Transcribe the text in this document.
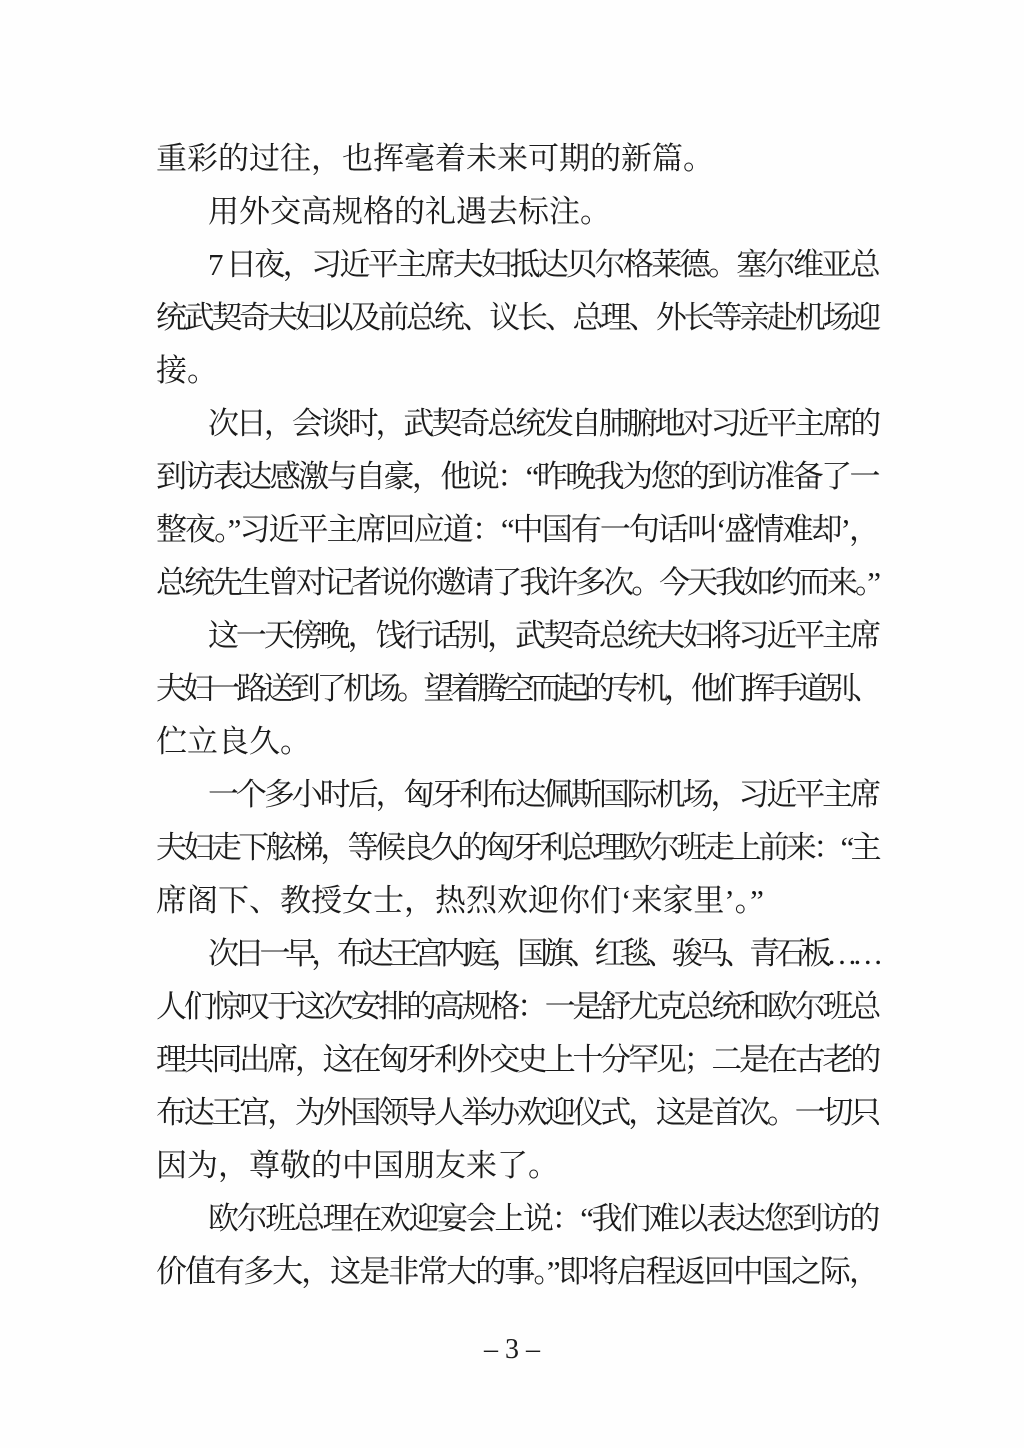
重彩的过往，也挥毫着未来可期的新篇。
用外交高规格的礼遇去标注。
7 日夜，习近平主席夫妇抵达贝尔格莱德。塞尔维亚总
统武契奇夫妇以及前总统、议长、总理、外长等亲赴机场迎
接。
次日，会谈时，武契奇总统发自肺腑地对习近平主席的
到访表达感激与自豪，他说：“昨晚我为您的到访准备了一
整夜。”习近平主席回应道：“中国有一句话叫‘盛情难却’，
总统先生曾对记者说你邀请了我许多次。今天我如约而来。”
这一天傍晚，饯行话别，武契奇总统夫妇将习近平主席
夫妇一路送到了机场。望着腾空而起的专机，他们挥手道别、
伫立良久。
一个多小时后，匈牙利布达佩斯国际机场，习近平主席
夫妇走下舷梯，等候良久的匈牙利总理欧尔班走上前来：“主
席阁下、教授女士，热烈欢迎你们‘来家里’。”
次日一早，布达王宫内庭，国旗、红毯、骏马、青石板……
人们惊叹于这次安排的高规格：一是舒尤克总统和欧尔班总
理共同出席，这在匈牙利外交史上十分罕见；二是在古老的
布达王宫，为外国领导人举办欢迎仪式，这是首次。一切只
因为，尊敬的中国朋友来了。
欧尔班总理在欢迎宴会上说：“我们难以表达您到访的
价值有多大，这是非常大的事。”即将启程返回中国之际，
– 3 –
